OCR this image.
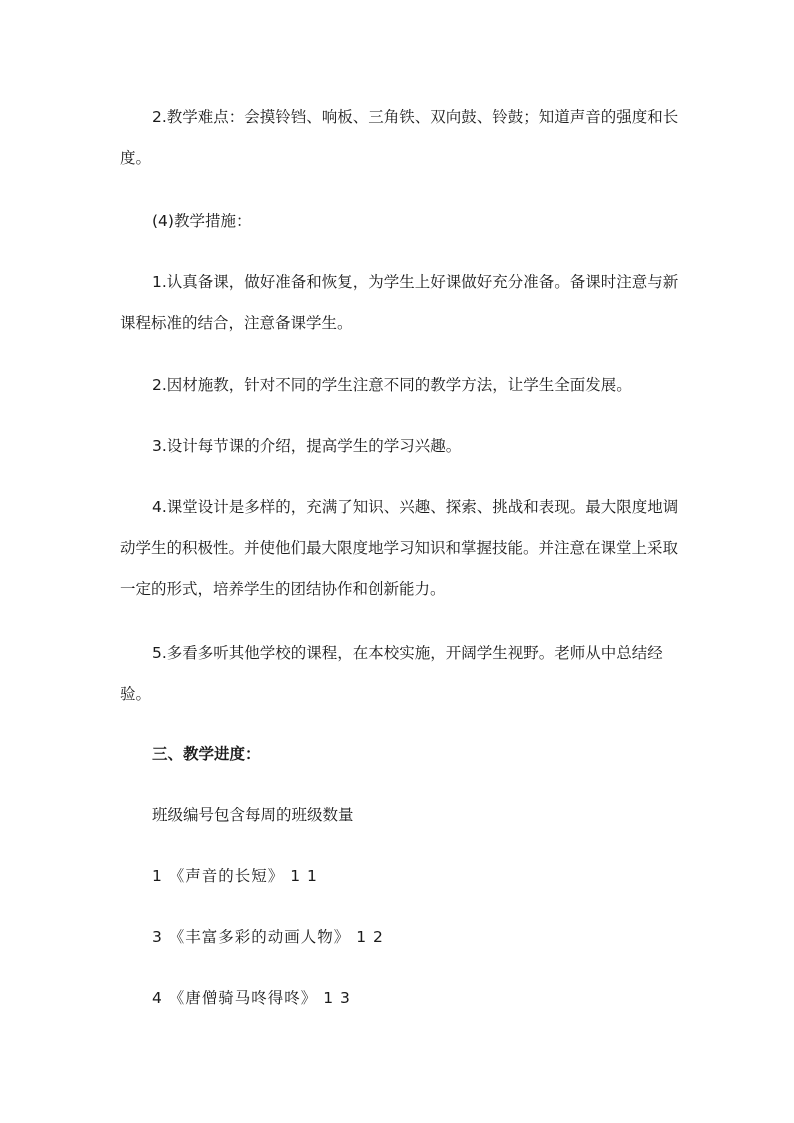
2.教学难点：会摸铃铛、响板、三角铁、双向鼓、铃鼓；知道声音的强度和长度。

(4)教学措施：

1.认真备课，做好准备和恢复，为学生上好课做好充分准备。备课时注意与新课程标准的结合，注意备课学生。

2.因材施教，针对不同的学生注意不同的教学方法，让学生全面发展。

3.设计每节课的介绍，提高学生的学习兴趣。

4.课堂设计是多样的，充满了知识、兴趣、探索、挑战和表现。最大限度地调动学生的积极性。并使他们最大限度地学习知识和掌握技能。并注意在课堂上采取一定的形式，培养学生的团结协作和创新能力。

5.多看多听其他学校的课程，在本校实施，开阔学生视野。老师从中总结经验。

三、教学进度：

班级编号包含每周的班级数量

1 《声音的长短》 1 1

3 《丰富多彩的动画人物》 1 2

4 《唐僧骑马咚得咚》 1 3
